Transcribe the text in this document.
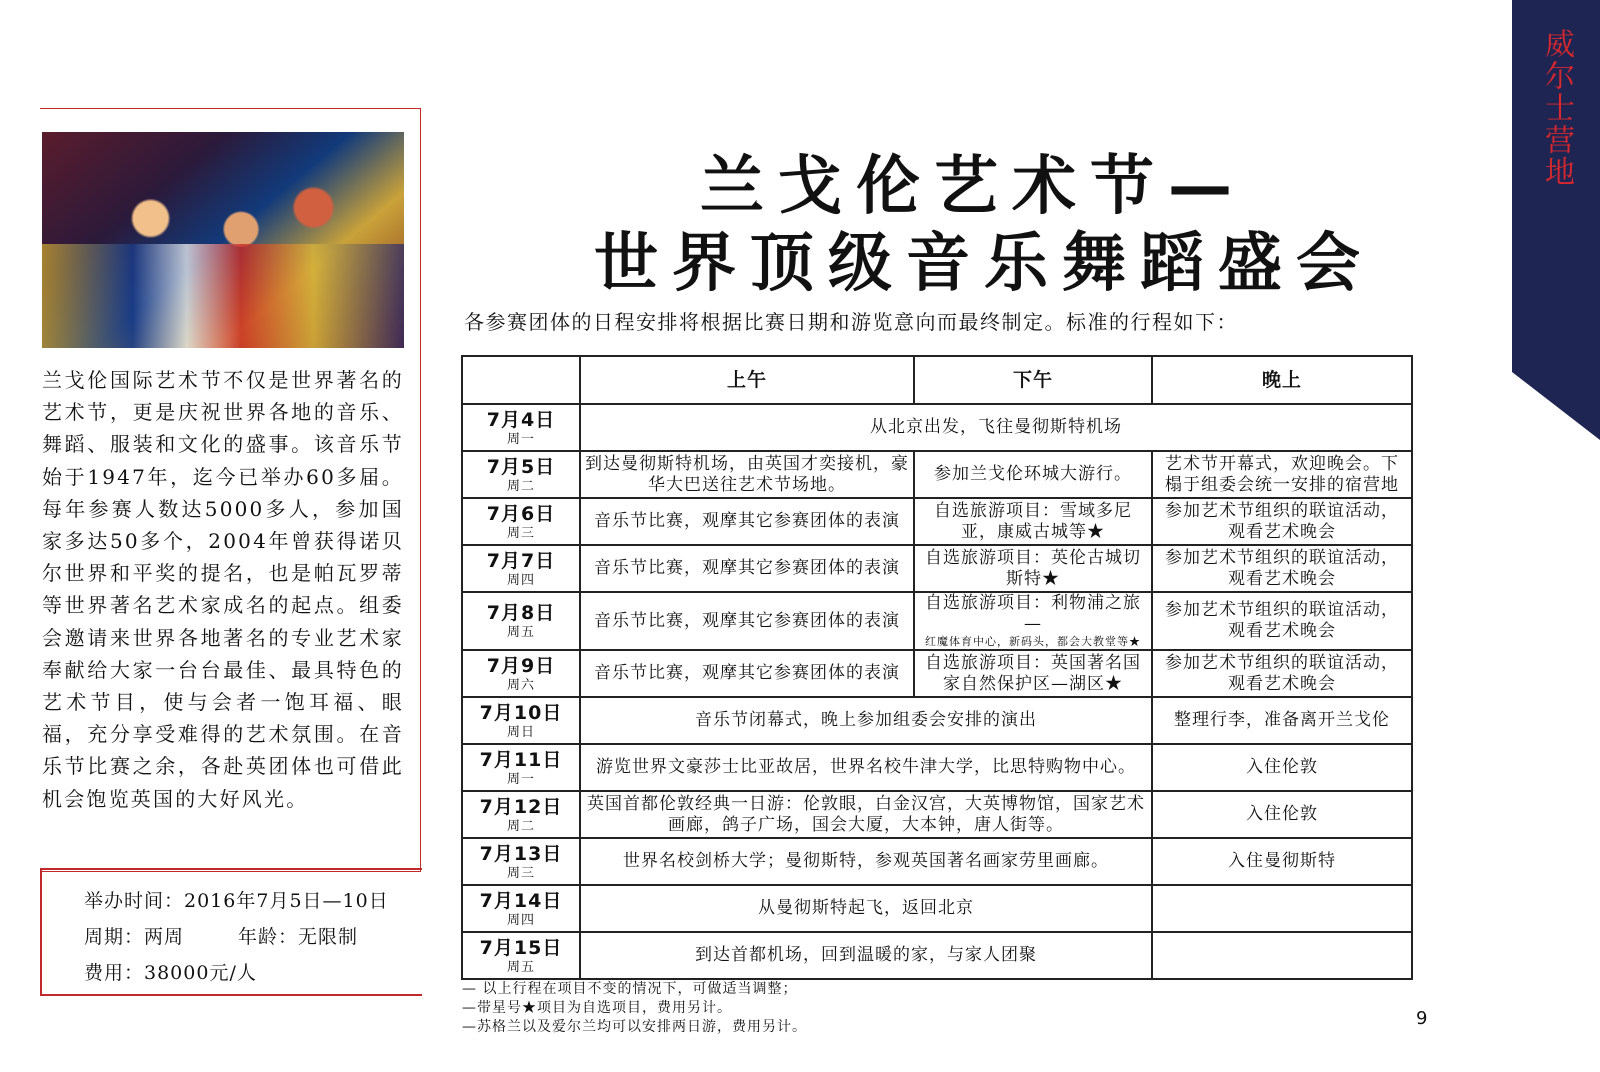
威尔士营地
兰戈伦国际艺术节不仅是世界著名的艺术节，更是庆祝世界各地的音乐、舞蹈、服装和文化的盛事。该音乐节始于1947年，迄今已举办60多届。每年参赛人数达5000多人，参加国家多达50多个，2004年曾获得诺贝尔世界和平奖的提名，也是帕瓦罗蒂等世界著名艺术家成名的起点。组委会邀请来世界各地著名的专业艺术家奉献给大家一台台最佳、最具特色的艺术节目，使与会者一饱耳福、眼福，充分享受难得的艺术氛围。在音乐节比赛之余，各赴英团体也可借此机会饱览英国的大好风光。
举办时间：2016年7月5日—10日
周期：两周	年龄：无限制
费用：38000元/人
兰戈伦艺术节—
世界顶级音乐舞蹈盛会
各参赛团体的日程安排将根据比赛日期和游览意向而最终制定。标准的行程如下：
	上午	下午	晚上

7月4日
周一	从北京出发，飞往曼彻斯特机场		

7月5日
周二	到达曼彻斯特机场，由英国才奕接机，豪华大巴送往艺术节场地。	参加兰戈伦环城大游行。	艺术节开幕式，欢迎晚会。下榻于组委会统一安排的宿营地

7月6日
周三	音乐节比赛，观摩其它参赛团体的表演	自选旅游项目：雪域多尼亚，康威古城等★	参加艺术节组织的联谊活动，观看艺术晚会

7月7日
周四	音乐节比赛，观摩其它参赛团体的表演	自选旅游项目：英伦古城切斯特★	参加艺术节组织的联谊活动，观看艺术晚会

7月8日
周五	音乐节比赛，观摩其它参赛团体的表演	自选旅游项目：利物浦之旅—
红魔体育中心，新码头，都会大教堂等★	参加艺术节组织的联谊活动，观看艺术晚会

7月9日
周六	音乐节比赛，观摩其它参赛团体的表演	自选旅游项目：英国著名国家自然保护区—湖区★	参加艺术节组织的联谊活动，观看艺术晚会

7月10日
周日	音乐节闭幕式，晚上参加组委会安排的演出		整理行李，准备离开兰戈伦

7月11日
周一	游览世界文豪莎士比亚故居，世界名校牛津大学，比思特购物中心。		入住伦敦

7月12日
周二	英国首都伦敦经典一日游：伦敦眼，白金汉宫，大英博物馆，国家艺术画廊，鸽子广场，国会大厦，大本钟，唐人街等。		入住伦敦

7月13日
周三	世界名校剑桥大学；曼彻斯特，参观英国著名画家劳里画廊。		入住曼彻斯特

7月14日
周四	从曼彻斯特起飞，返回北京		

7月15日
周五	到达首都机场，回到温暖的家，与家人团聚		
— 以上行程在项目不变的情况下，可做适当调整；
—带星号★项目为自选项目，费用另计。
—苏格兰以及爱尔兰均可以安排两日游，费用另计。	9
